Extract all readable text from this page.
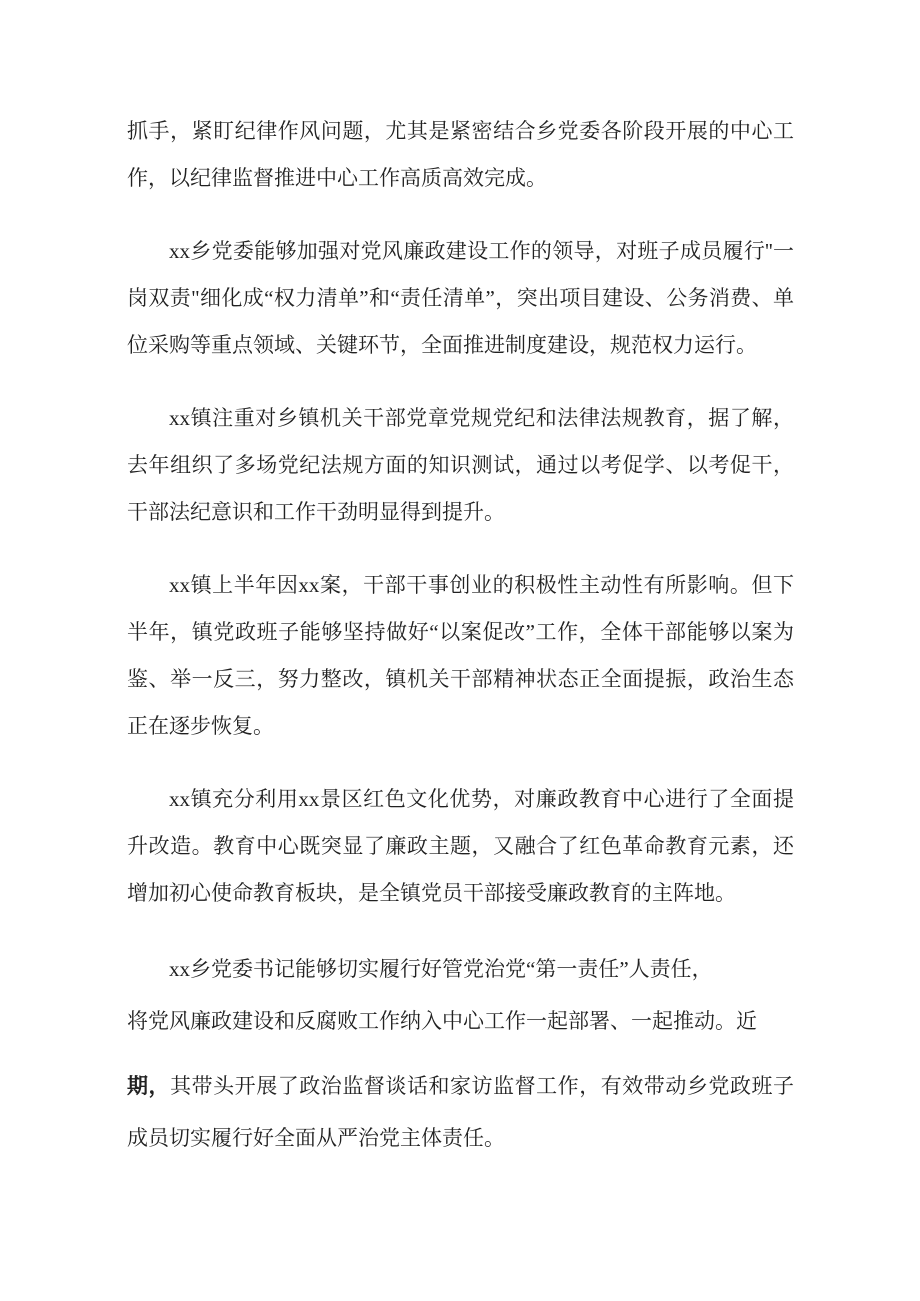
抓手，紧盯纪律作风问题，尤其是紧密结合乡党委各阶段开展的中心工作，以纪律监督推进中心工作高质高效完成。

xx乡党委能够加强对党风廉政建设工作的领导，对班子成员履行''一岗双责"细化成“权力清单”和“责任清单”，突出项目建设、公务消费、单位采购等重点领域、关键环节，全面推进制度建设，规范权力运行。

xx镇注重对乡镇机关干部党章党规党纪和法律法规教育，据了解，去年组织了多场党纪法规方面的知识测试，通过以考促学、以考促干，干部法纪意识和工作干劲明显得到提升。

xx镇上半年因xx案，干部干事创业的积极性主动性有所影响。但下半年，镇党政班子能够坚持做好“以案促改”工作，全体干部能够以案为鉴、举一反三，努力整改，镇机关干部精神状态正全面提振，政治生态正在逐步恢复。

xx镇充分利用xx景区红色文化优势，对廉政教育中心进行了全面提升改造。教育中心既突显了廉政主题，又融合了红色革命教育元素，还增加初心使命教育板块，是全镇党员干部接受廉政教育的主阵地。

xx乡党委书记能够切实履行好管党治党“第一责任”人责任，
将党风廉政建设和反腐败工作纳入中心工作一起部署、一起推动。近

期，其带头开展了政治监督谈话和家访监督工作，有效带动乡党政班子成员切实履行好全面从严治党主体责任。
